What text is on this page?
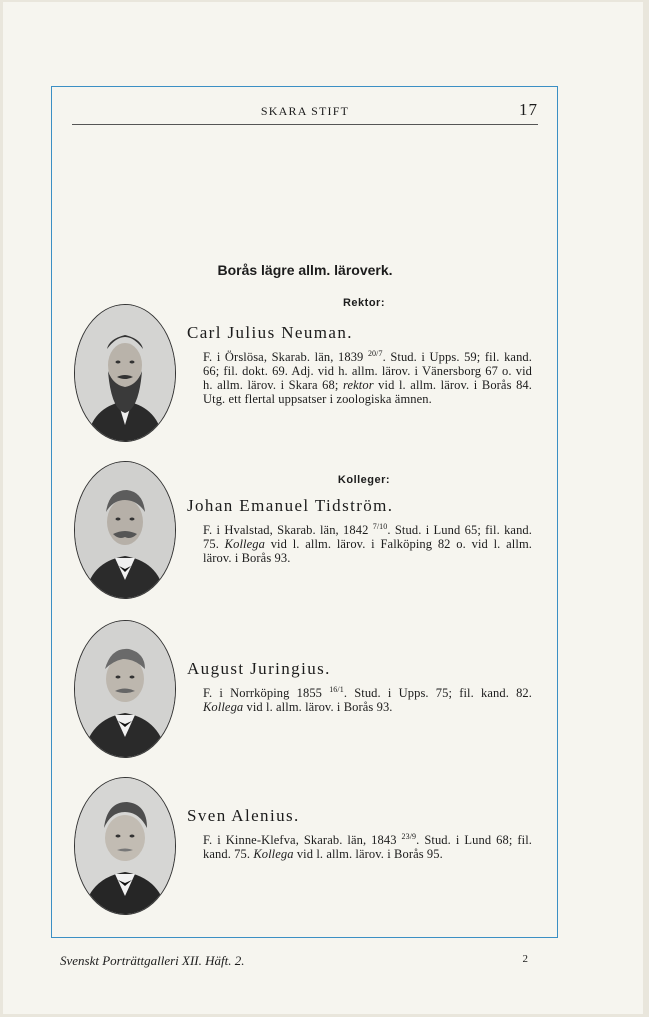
SKARA STIFT	17
Borås lägre allm. läroverk.
Rektor:
Kolleger:
Carl Julius Neuman.
F. i Örslösa, Skarab. län, 1839 $^{20/7}$. Stud. i Upps. 59; fil. kand. 66; fil. dokt. 69. Adj. vid h. allm. lärov. i Vänersborg 67 o. vid h. allm. lärov. i Skara 68; rektor vid l. allm. lärov. i Borås 84. Utg. ett flertal uppsatser i zoologiska ämnen.
Johan Emanuel Tidström.
F. i Hvalstad, Skarab. län, 1842 $^{7/10}$. Stud. i Lund 65; fil. kand. 75. Kollega vid l. allm. lärov. i Falköping 82 o. vid l. allm. lärov. i Borås 93.
August Juringius.
F. i Norrköping 1855 $^{16/1}$. Stud. i Upps. 75; fil. kand. 82. Kollega vid l. allm. lärov. i Borås 93.
Sven Alenius.
F. i Kinne-Klefva, Skarab. län, 1843 $^{23/9}$. Stud. i Lund 68; fil. kand. 75. Kollega vid l. allm. lärov. i Borås 95.
Svenskt Porträttgalleri XII. Häft. 2.	2
